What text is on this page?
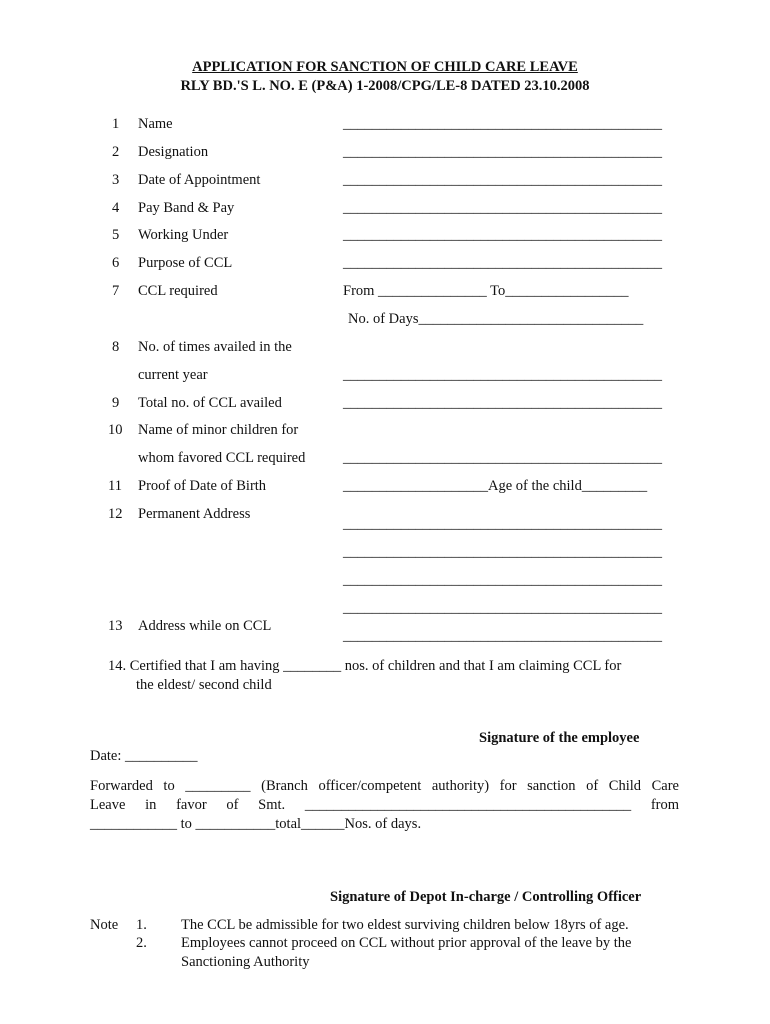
APPLICATION FOR SANCTION OF CHILD CARE LEAVE
RLY BD.'S L. NO. E (P&A) 1-2008/CPG/LE-8 DATED 23.10.2008
1 Name	____________________________________________
2 Designation	____________________________________________
3 Date of Appointment	____________________________________________
4 Pay Band & Pay	____________________________________________
5 Working Under	____________________________________________
6 Purpose of CCL	____________________________________________
7 CCL required	From _______________ To_________________
No. of Days_______________________________
8 No. of times availed in the
current year	____________________________________________
9 Total no. of CCL availed	____________________________________________
10 Name of minor children for
whom favored CCL required	____________________________________________
11 Proof of Date of Birth	____________________Age of the child_________
12 Permanent Address
____________________________________________
____________________________________________
____________________________________________
____________________________________________
13 Address while on CCL
____________________________________________
14. Certified that I am having ________ nos. of children and that I am claiming CCL for
the eldest/ second child
Signature of the employee
Date: __________
Forwarded to _________ (Branch officer/competent authority) for sanction of Child Care
Leave in favor of Smt. _____________________________________________ from
____________ to ___________total______Nos. of days.
Signature of Depot In-charge / Controlling Officer
Note 1. The CCL be admissible for two eldest surviving children below 18yrs of age.
2. Employees cannot proceed on CCL without prior approval of the leave by the
Sanctioning Authority
